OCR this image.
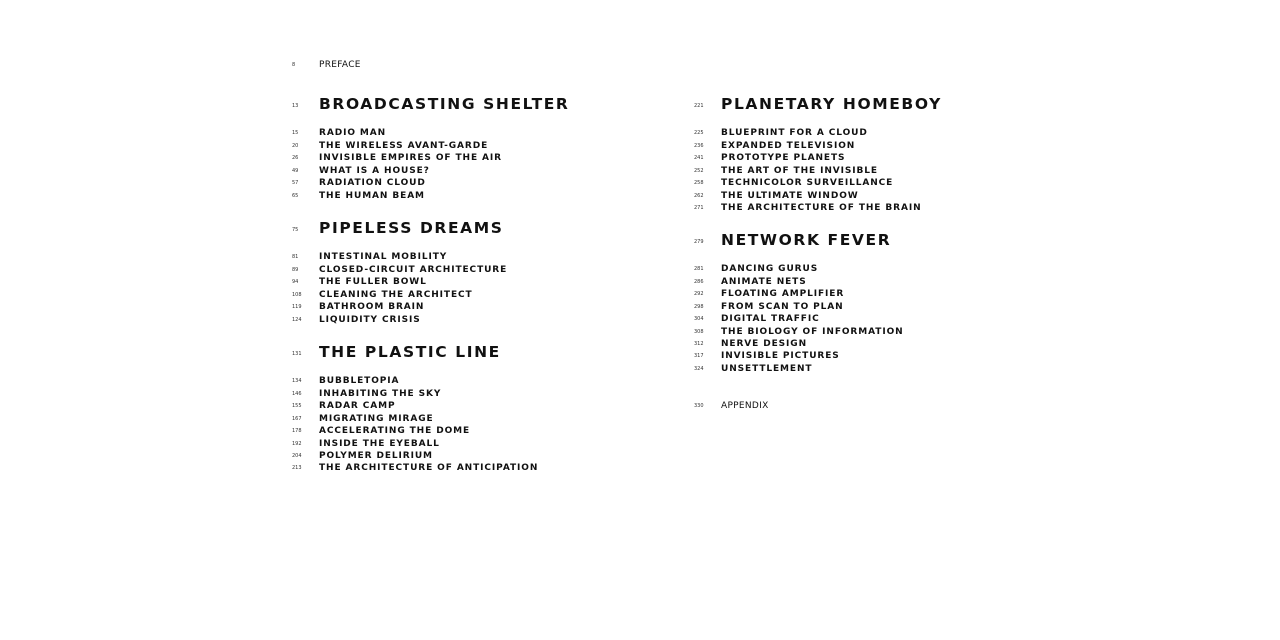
8	PREFACE
13 BROADCASTING SHELTER
15 RADIO MAN
20 THE WIRELESS AVANT-GARDE
26 INVISIBLE EMPIRES OF THE AIR
49 WHAT IS A HOUSE?
57 RADIATION CLOUD
65 THE HUMAN BEAM
75 PIPELESS DREAMS
81 INTESTINAL MOBILITY
89 CLOSED-CIRCUIT ARCHITECTURE
94 THE FULLER BOWL
108 CLEANING THE ARCHITECT
119 BATHROOM BRAIN
124 LIQUIDITY CRISIS
131 THE PLASTIC LINE
134 BUBBLETOPIA
146 INHABITING THE SKY
155 RADAR CAMP
167 MIGRATING MIRAGE
178 ACCELERATING THE DOME
192 INSIDE THE EYEBALL
204 POLYMER DELIRIUM
213 THE ARCHITECTURE OF ANTICIPATION
221 PLANETARY HOMEBOY
225 BLUEPRINT FOR A CLOUD
236 EXPANDED TELEVISION
241 PROTOTYPE PLANETS
252 THE ART OF THE INVISIBLE
258 TECHNICOLOR SURVEILLANCE
262 THE ULTIMATE WINDOW
271 THE ARCHITECTURE OF THE BRAIN
279 NETWORK FEVER
281 DANCING GURUS
286 ANIMATE NETS
292 FLOATING AMPLIFIER
298 FROM SCAN TO PLAN
304 DIGITAL TRAFFIC
308 THE BIOLOGY OF INFORMATION
312 NERVE DESIGN
317 INVISIBLE PICTURES
324 UNSETTLEMENT
330 APPENDIX
